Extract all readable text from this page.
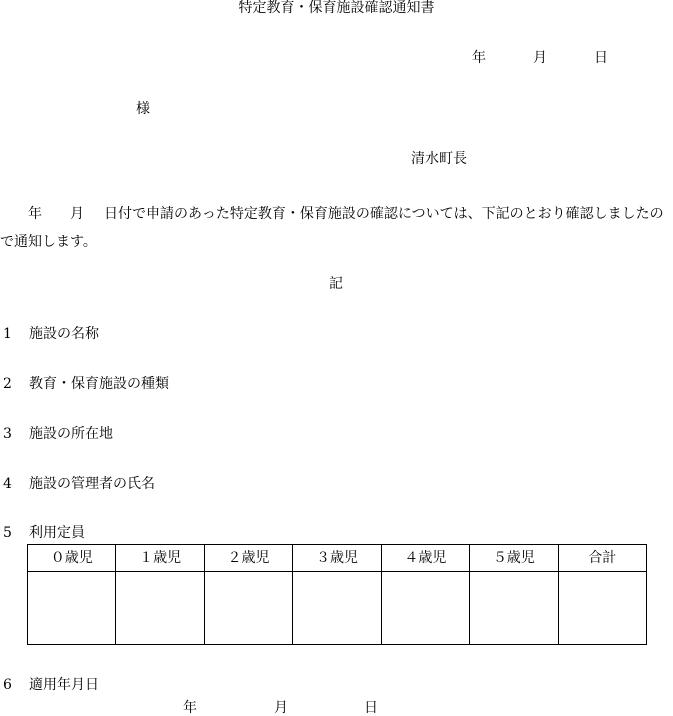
特定教育・保育施設確認通知書
年	月	日
様
清水町長
年 月 日付で申請のあった特定教育・保育施設の確認については、下記のとおり確認しましたので通知します。
記
1 施設の名称
2 教育・保育施設の種類
3 施設の所在地
4 施設の管理者の氏名
5 利用定員
０歳児	１歳児	２歳児	３歳児	４歳児	５歳児	合計

6 適用年月日
年	月	日
